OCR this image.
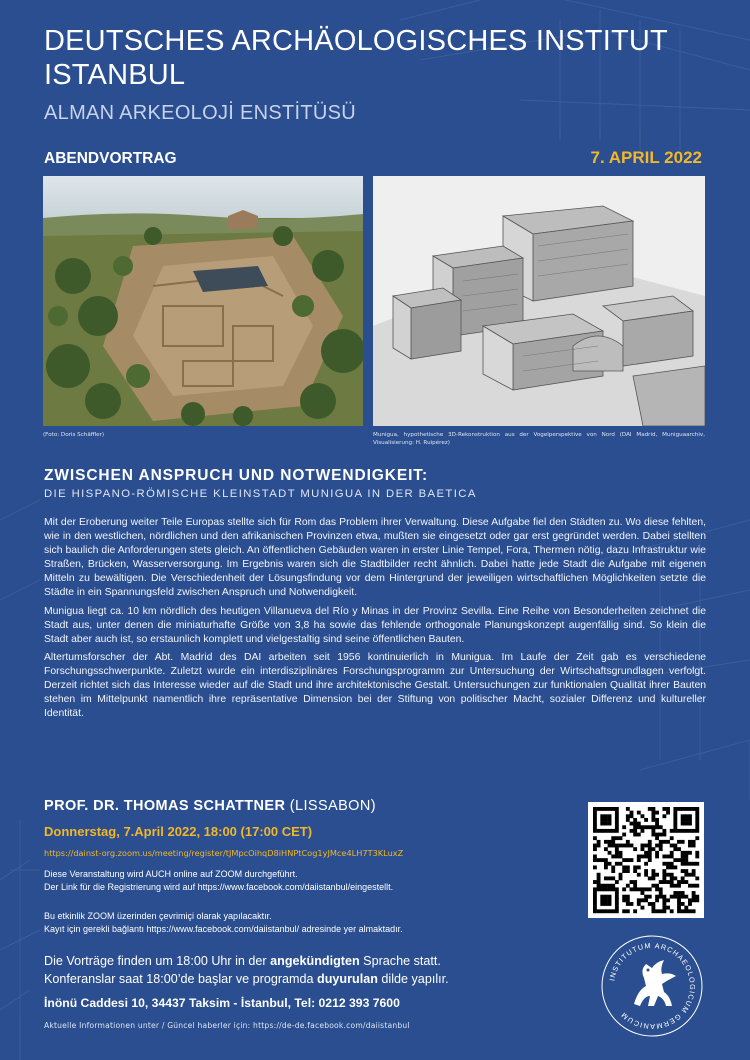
DEUTSCHES ARCHÄOLOGISCHES INSTITUT
ISTANBUL
ALMAN ARKEOLOJİ ENSTİTÜSÜ
ABENDVORTRAG	7. APRIL 2022
(Foto: Doris Schäffler)	Munigua, hypothetische 3D-Rekonstruktion aus der Vogelperspektive von Nord (DAI Madrid, Muniguaarchiv, Visualisierung: H. Ruipérez)
ZWISCHEN ANSPRUCH UND NOTWENDIGKEIT:
DIE HISPANO-RÖMISCHE KLEINSTADT MUNIGUA IN DER BAETICA

Mit der Eroberung weiter Teile Europas stellte sich für Rom das Problem ihrer Verwaltung. Diese Aufgabe fiel den Städten zu. Wo diese fehlten, wie in den westlichen, nördlichen und den afrikanischen Provinzen etwa, mußten sie eingesetzt oder gar erst gegründet werden. Dabei stellten sich baulich die Anforderungen stets gleich. An öffentlichen Gebäuden waren in erster Linie Tempel, Fora, Thermen nötig, dazu Infrastruktur wie Straßen, Brücken, Wasserversorgung. Im Ergebnis waren sich die Stadtbilder recht ähnlich. Dabei hatte jede Stadt die Aufgabe mit eigenen Mitteln zu bewältigen. Die Verschiedenheit der Lösungsfindung vor dem Hintergrund der jeweiligen wirtschaftlichen Möglichkeiten setzte die Städte in ein Spannungsfeld zwischen Anspruch und Notwendigkeit.

Munigua liegt ca. 10 km nördlich des heutigen Villanueva del Río y Minas in der Provinz Sevilla. Eine Reihe von Besonderheiten zeichnet die Stadt aus, unter denen die miniaturhafte Größe von 3,8 ha sowie das fehlende orthogonale Planungskonzept augenfällig sind. So klein die Stadt aber auch ist, so erstaunlich komplett und vielgestaltig sind seine öffentlichen Bauten.

Altertumsforscher der Abt. Madrid des DAI arbeiten seit 1956 kontinuierlich in Munigua. Im Laufe der Zeit gab es verschiedene Forschungsschwerpunkte. Zuletzt wurde ein interdisziplinäres Forschungsprogramm zur Untersuchung der Wirtschaftsgrundlagen verfolgt. Derzeit richtet sich das Interesse wieder auf die Stadt und ihre architektonische Gestalt. Untersuchungen zur funktionalen Qualität ihrer Bauten stehen im Mittelpunkt namentlich ihre repräsentative Dimension bei der Stiftung von politischer Macht, sozialer Differenz und kultureller Identität.

PROF. DR. THOMAS SCHATTNER (LISSABON)
Donnerstag, 7.April 2022, 18:00 (17:00 CET)
https://dainst-org.zoom.us/meeting/register/tJMpcOihqD8iHNPtCog1yJMce4LH7T3KLuxZ
Diese Veranstaltung wird AUCH online auf ZOOM durchgeführt.
Der Link für die Registrierung wird auf https://www.facebook.com/daiistanbul/eingestellt.
Bu etkinlik ZOOM üzerinden çevrimiçi olarak yapılacaktır.
Kayıt için gerekli bağlantı https://www.facebook.com/daiistanbul/ adresinde yer almaktadır.
Die Vorträge finden um 18:00 Uhr in der angekündigten Sprache statt.
Konferanslar saat 18:00’de başlar ve programda duyurulan dilde yapılır.
İnönü Caddesi 10, 34437 Taksim - İstanbul, Tel: 0212 393 7600
Aktuelle Informationen unter / Güncel haberler için: https://de-de.facebook.com/daiistanbul
INSTITUTUM ARCHAEOLOGICUM GERMANICUM
